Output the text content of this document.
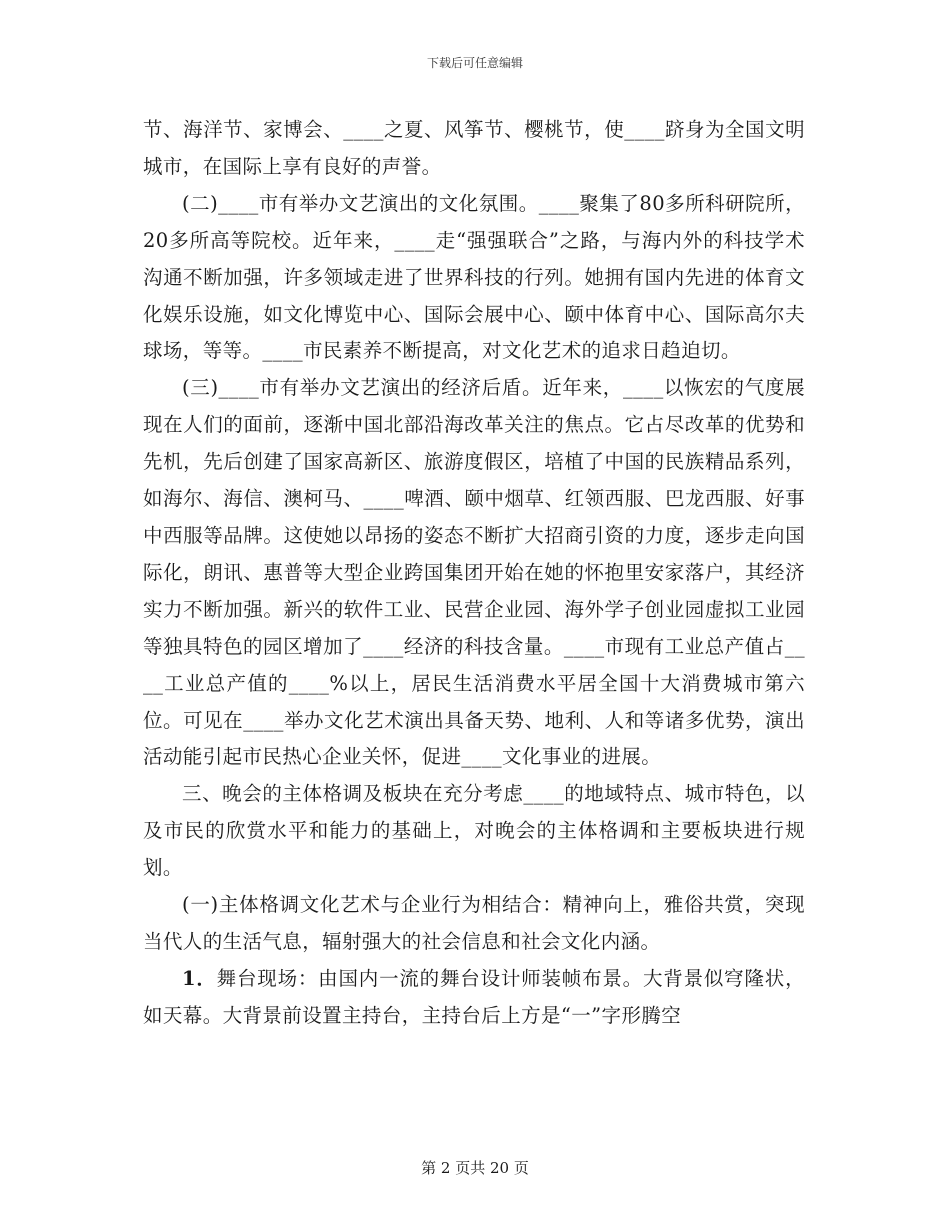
下载后可任意编辑

节、海洋节、家博会、____之夏、风筝节、樱桃节，使____跻身为全国文明城市，在国际上享有良好的声誉。

(二)____市有举办文艺演出的文化氛围。____聚集了80多所科研院所，20多所高等院校。近年来，____走“强强联合”之路，与海内外的科技学术沟通不断加强，许多领域走进了世界科技的行列。她拥有国内先进的体育文化娱乐设施，如文化博览中心、国际会展中心、颐中体育中心、国际高尔夫球场，等等。____市民素养不断提高，对文化艺术的追求日趋迫切。

(三)____市有举办文艺演出的经济后盾。近年来，____以恢宏的气度展现在人们的面前，逐渐中国北部沿海改革关注的焦点。它占尽改革的优势和先机，先后创建了国家高新区、旅游度假区，培植了中国的民族精品系列，如海尔、海信、澳柯马、____啤酒、颐中烟草、红领西服、巴龙西服、好事中西服等品牌。这使她以昂扬的姿态不断扩大招商引资的力度，逐步走向国际化，朗讯、惠普等大型企业跨国集团开始在她的怀抱里安家落户，其经济实力不断加强。新兴的软件工业、民营企业园、海外学子创业园虚拟工业园等独具特色的园区增加了____经济的科技含量。____市现有工业总产值占____工业总产值的____%以上，居民生活消费水平居全国十大消费城市第六位。可见在____举办文化艺术演出具备天势、地利、人和等诸多优势，演出活动能引起市民热心企业关怀，促进____文化事业的进展。

三、晚会的主体格调及板块在充分考虑____的地域特点、城市特色，以及市民的欣赏水平和能力的基础上，对晚会的主体格调和主要板块进行规划。

(一)主体格调文化艺术与企业行为相结合：精神向上，雅俗共赏，突现当代人的生活气息，辐射强大的社会信息和社会文化内涵。

1．舞台现场：由国内一流的舞台设计师装帧布景。大背景似穹隆状，如天幕。大背景前设置主持台，主持台后上方是“一”字形腾空

第 2 页共 20 页
